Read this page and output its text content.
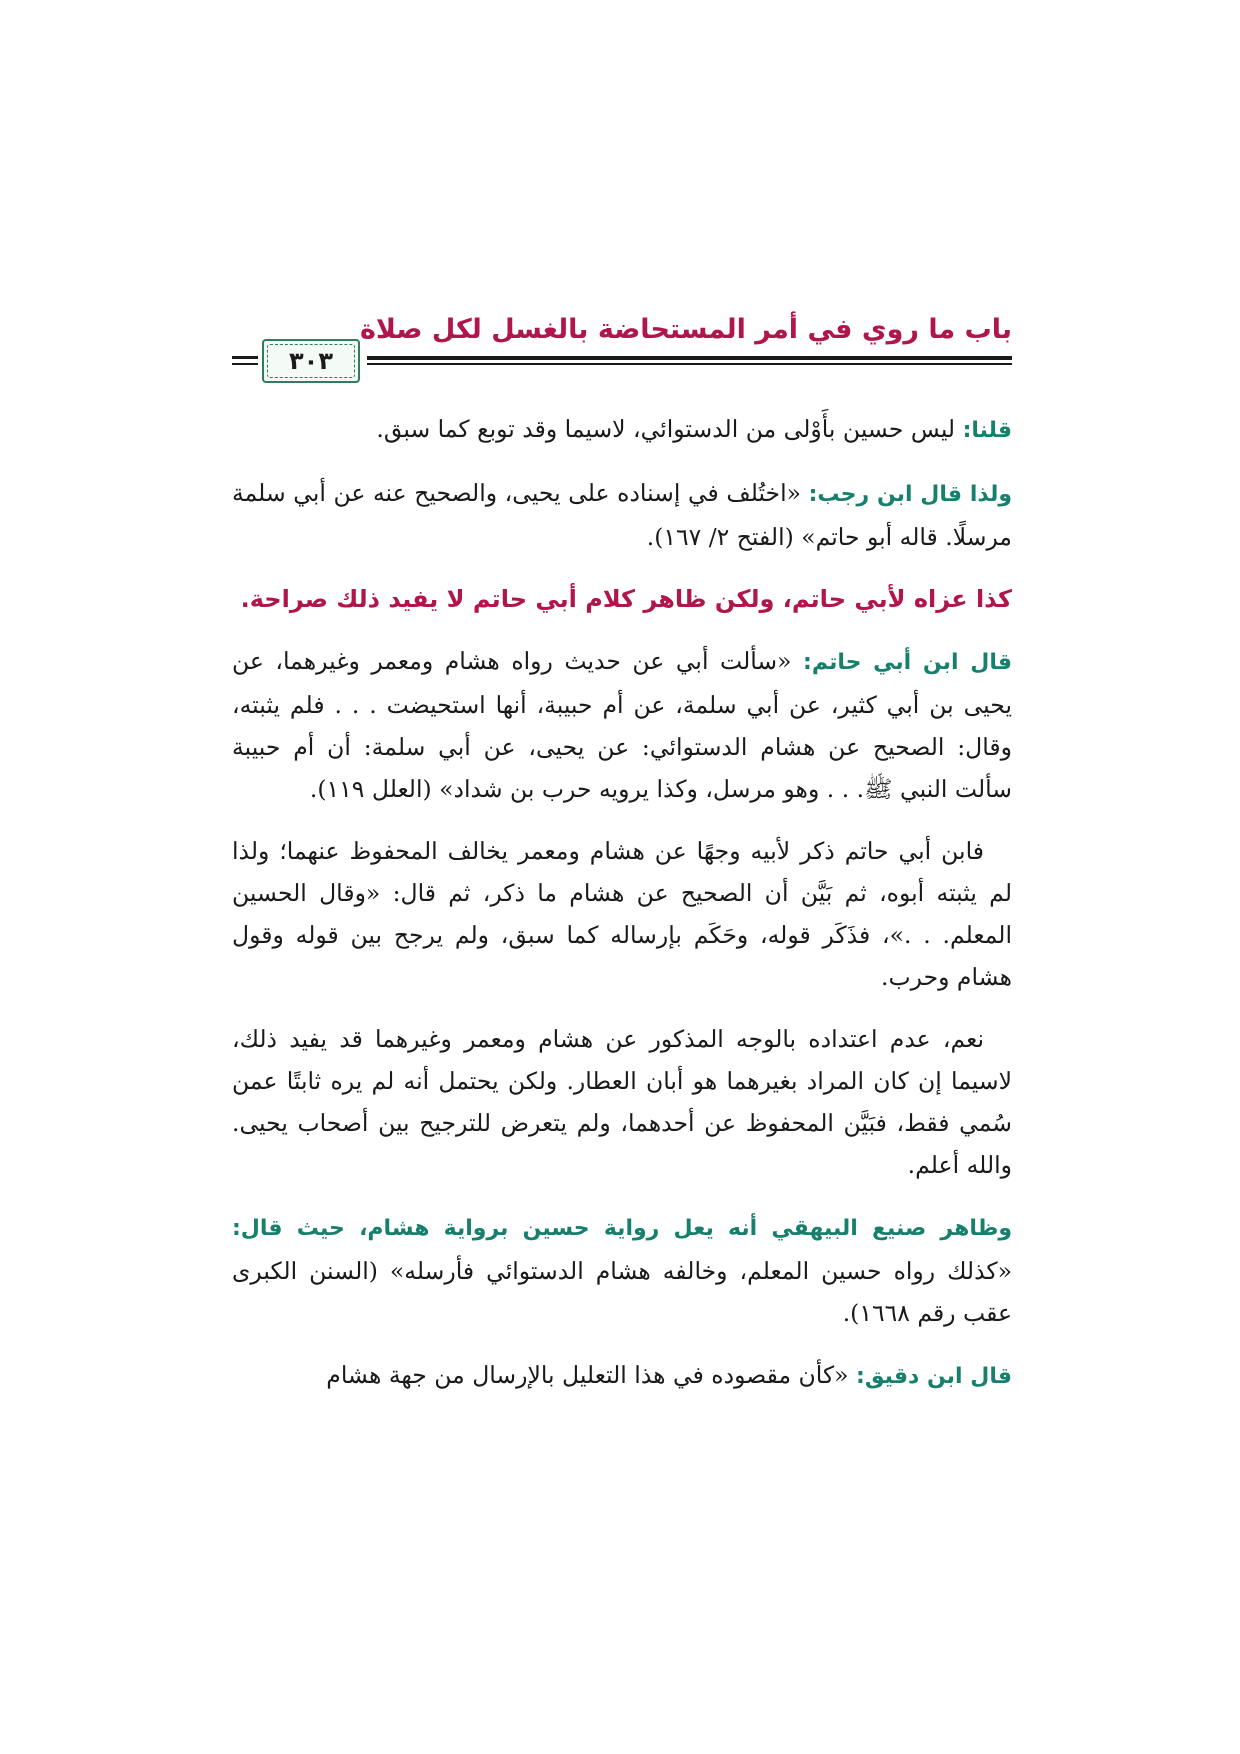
باب ما روي في أمر المستحاضة بالغسل لكل صلاة
٣٠٣

قلنا: ليس حسين بأَوْلى من الدستوائي، لاسيما وقد توبع كما سبق.

ولذا قال ابن رجب: «اختُلف في إسناده على يحيى، والصحيح عنه عن أبي سلمة مرسلًا. قاله أبو حاتم» (الفتح ٢/ ١٦٧).

كذا عزاه لأبي حاتم، ولكن ظاهر كلام أبي حاتم لا يفيد ذلك صراحة.

قال ابن أبي حاتم: «سألت أبي عن حديث رواه هشام ومعمر وغيرهما، عن يحيى بن أبي كثير، عن أبي سلمة، عن أم حبيبة، أنها استحيضت . . . فلم يثبته، وقال: الصحيح عن هشام الدستوائي: عن يحيى، عن أبي سلمة: أن أم حبيبة سألت النبي ﷺ. . . وهو مرسل، وكذا يرويه حرب بن شداد» (العلل ١١٩).

فابن أبي حاتم ذكر لأبيه وجهًا عن هشام ومعمر يخالف المحفوظ عنهما؛ ولذا لم يثبته أبوه، ثم بَيَّن أن الصحيح عن هشام ما ذكر، ثم قال: «وقال الحسين المعلم. . .»، فذَكَر قوله، وحَكَم بإرساله كما سبق، ولم يرجح بين قوله وقول هشام وحرب.

نعم، عدم اعتداده بالوجه المذكور عن هشام ومعمر وغيرهما قد يفيد ذلك، لاسيما إن كان المراد بغيرهما هو أبان العطار. ولكن يحتمل أنه لم يره ثابتًا عمن سُمي فقط، فبَيَّن المحفوظ عن أحدهما، ولم يتعرض للترجيح بين أصحاب يحيى. والله أعلم.

وظاهر صنيع البيهقي أنه يعل رواية حسين برواية هشام، حيث قال: «كذلك رواه حسين المعلم، وخالفه هشام الدستوائي فأرسله» (السنن الكبرى عقب رقم ١٦٦٨).

قال ابن دقيق: «كأن مقصوده في هذا التعليل بالإرسال من جهة هشام
